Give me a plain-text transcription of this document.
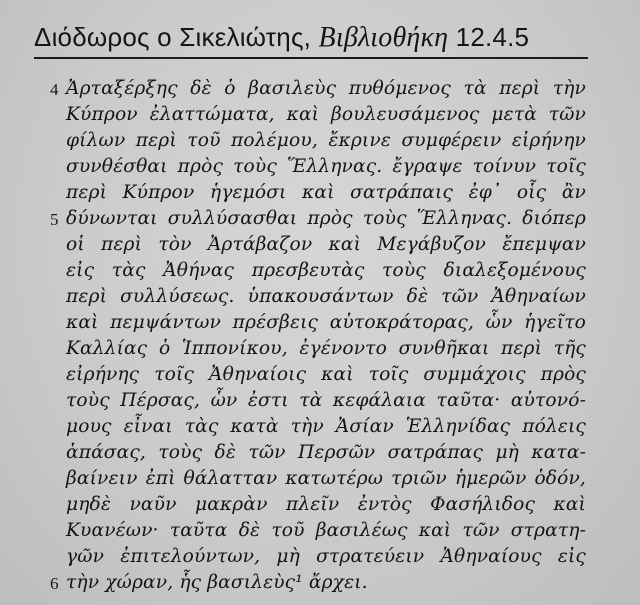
Διόδωρος ο Σικελιώτης, Βιβλιοθήκη 12.4.5
4 Ἀρταξέρξης δὲ ὁ βασιλεὺς πυθόμενος τὰ περὶ τὴν
Κύπρον ἐλαττώματα, καὶ βουλευσάμενος μετὰ τῶν
φίλων περὶ τοῦ πολέμου, ἔκρινε συμφέρειν εἰρήνην
συνθέσθαι πρὸς τοὺς Ἕλληνας. ἔγραψε τοίνυν τοῖς
περὶ Κύπρον ἡγεμόσι καὶ σατράπαις ἐφ᾽ οἷς ἂν
5 δύνωνται συλλύσασθαι πρὸς τοὺς Ἕλληνας. διόπερ
οἱ περὶ τὸν Ἀρτάβαζον καὶ Μεγάβυζον ἔπεμψαν
εἰς τὰς Ἀθήνας πρεσβευτὰς τοὺς διαλεξομένους
περὶ συλλύσεως. ὑπακουσάντων δὲ τῶν Ἀθηναίων
καὶ πεμψάντων πρέσβεις αὐτοκράτορας, ὧν ἡγεῖτο
Καλλίας ὁ Ἱππονίκου, ἐγένοντο συνθῆκαι περὶ τῆς
εἰρήνης τοῖς Ἀθηναίοις καὶ τοῖς συμμάχοις πρὸς
τοὺς Πέρσας, ὧν ἐστι τὰ κεφάλαια ταῦτα· αὐτονό-
μους εἶναι τὰς κατὰ τὴν Ἀσίαν Ἑλληνίδας πόλεις
ἁπάσας, τοὺς δὲ τῶν Περσῶν σατράπας μὴ κατα-
βαίνειν ἐπὶ θάλατταν κατωτέρω τριῶν ἡμερῶν ὁδόν,
μηδὲ ναῦν μακρὰν πλεῖν ἐντὸς Φασήλιδος καὶ
Κυανέων· ταῦτα δὲ τοῦ βασιλέως καὶ τῶν στρατη-
γῶν ἐπιτελούντων, μὴ στρατεύειν Ἀθηναίους εἰς
6 τὴν χώραν, ἧς βασιλεὺς¹ ἄρχει.
